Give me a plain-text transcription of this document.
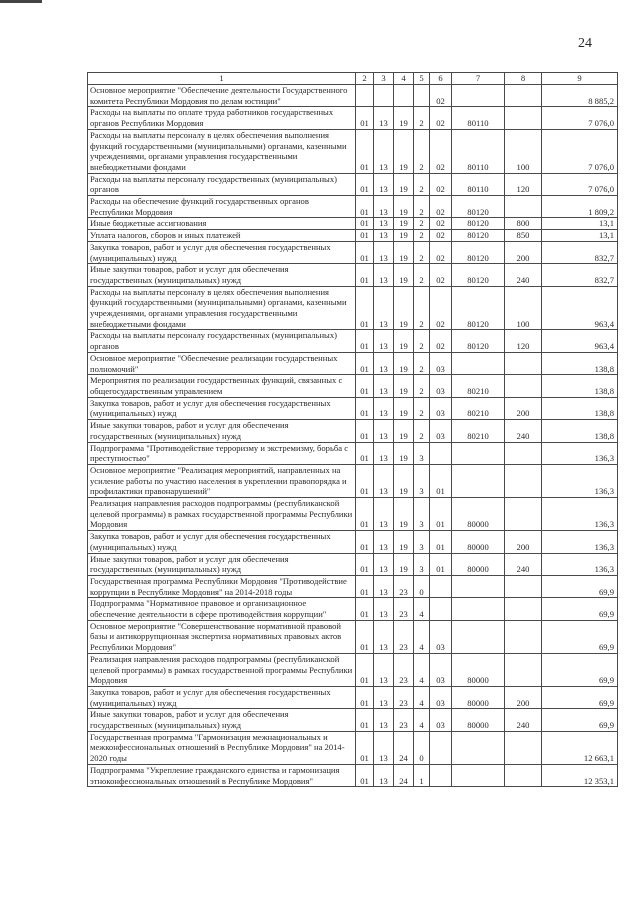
24
1	2	3	4	5	6	7	8	9
Основное мероприятие "Обеспечение деятельности Государственного комитета Республики Мордовия по делам юстиции"					02			8 885,2
Расходы на выплаты по оплате труда работников государственных органов Республики Мордовия	01	13	19	2	02	80110		7 076,0
Расходы на выплаты персоналу в целях обеспечения выполнения функций государственными (муниципальными) органами, казенными учреждениями, органами управления государственными внебюджетными фондами	01	13	19	2	02	80110	100	7 076,0
Расходы на выплаты персоналу государственных (муниципальных) органов	01	13	19	2	02	80110	120	7 076,0
Расходы на обеспечение функций государственных органов Республики Мордовия	01	13	19	2	02	80120		1 809,2
Иные бюджетные ассигнования	01	13	19	2	02	80120	800	13,1
Уплата налогов, сборов и иных платежей	01	13	19	2	02	80120	850	13,1
Закупка товаров, работ и услуг для обеспечения государственных (муниципальных) нужд	01	13	19	2	02	80120	200	832,7
Иные закупки товаров, работ и услуг для обеспечения государственных (муниципальных) нужд	01	13	19	2	02	80120	240	832,7
Расходы на выплаты персоналу в целях обеспечения выполнения функций государственными (муниципальными) органами, казенными учреждениями, органами управления государственными внебюджетными фондами	01	13	19	2	02	80120	100	963,4
Расходы на выплаты персоналу государственных (муниципальных) органов	01	13	19	2	02	80120	120	963,4
Основное мероприятие "Обеспечение реализации государственных полномочий"	01	13	19	2	03			138,8
Мероприятия по реализации государственных функций, связанных с общегосударственным управлением	01	13	19	2	03	80210		138,8
Закупка товаров, работ и услуг для обеспечения государственных (муниципальных) нужд	01	13	19	2	03	80210	200	138,8
Иные закупки товаров, работ и услуг для обеспечения государственных (муниципальных) нужд	01	13	19	2	03	80210	240	138,8
Подпрограмма "Противодействие терроризму и экстремизму, борьба с преступностью"	01	13	19	3				136,3
Основное мероприятие "Реализация мероприятий, направленных на усиление работы по участию населения в укреплении правопорядка и профилактики правонарушений"	01	13	19	3	01			136,3
Реализация направления расходов подпрограммы (республиканской целевой программы) в рамках государственной программы Республики Мордовия	01	13	19	3	01	80000		136,3
Закупка товаров, работ и услуг для обеспечения государственных (муниципальных) нужд	01	13	19	3	01	80000	200	136,3
Иные закупки товаров, работ и услуг для обеспечения государственных (муниципальных) нужд	01	13	19	3	01	80000	240	136,3
Государственная программа Республики Мордовия "Противодействие коррупции в Республике Мордовия" на 2014-2018 годы	01	13	23	0				69,9
Подпрограмма "Нормативное правовое и организационное обеспечение деятельности в сфере противодействия коррупции"	01	13	23	4				69,9
Основное мероприятие "Совершенствование нормативной правовой базы и антикоррупционная экспертиза нормативных правовых актов Республики Мордовия"	01	13	23	4	03			69,9
Реализация направления расходов подпрограммы (республиканской целевой программы) в рамках государственной программы Республики Мордовия	01	13	23	4	03	80000		69,9
Закупка товаров, работ и услуг для обеспечения государственных (муниципальных) нужд	01	13	23	4	03	80000	200	69,9
Иные закупки товаров, работ и услуг для обеспечения государственных (муниципальных) нужд	01	13	23	4	03	80000	240	69,9
Государственная программа "Гармонизация межнациональных и межконфессиональных отношений в Республике Мордовия" на 2014-2020 годы	01	13	24	0				12 663,1
Подпрограмма "Укрепление гражданского единства и гармонизация этноконфессиональных отношений в Республике Мордовия"	01	13	24	1				12 353,1
